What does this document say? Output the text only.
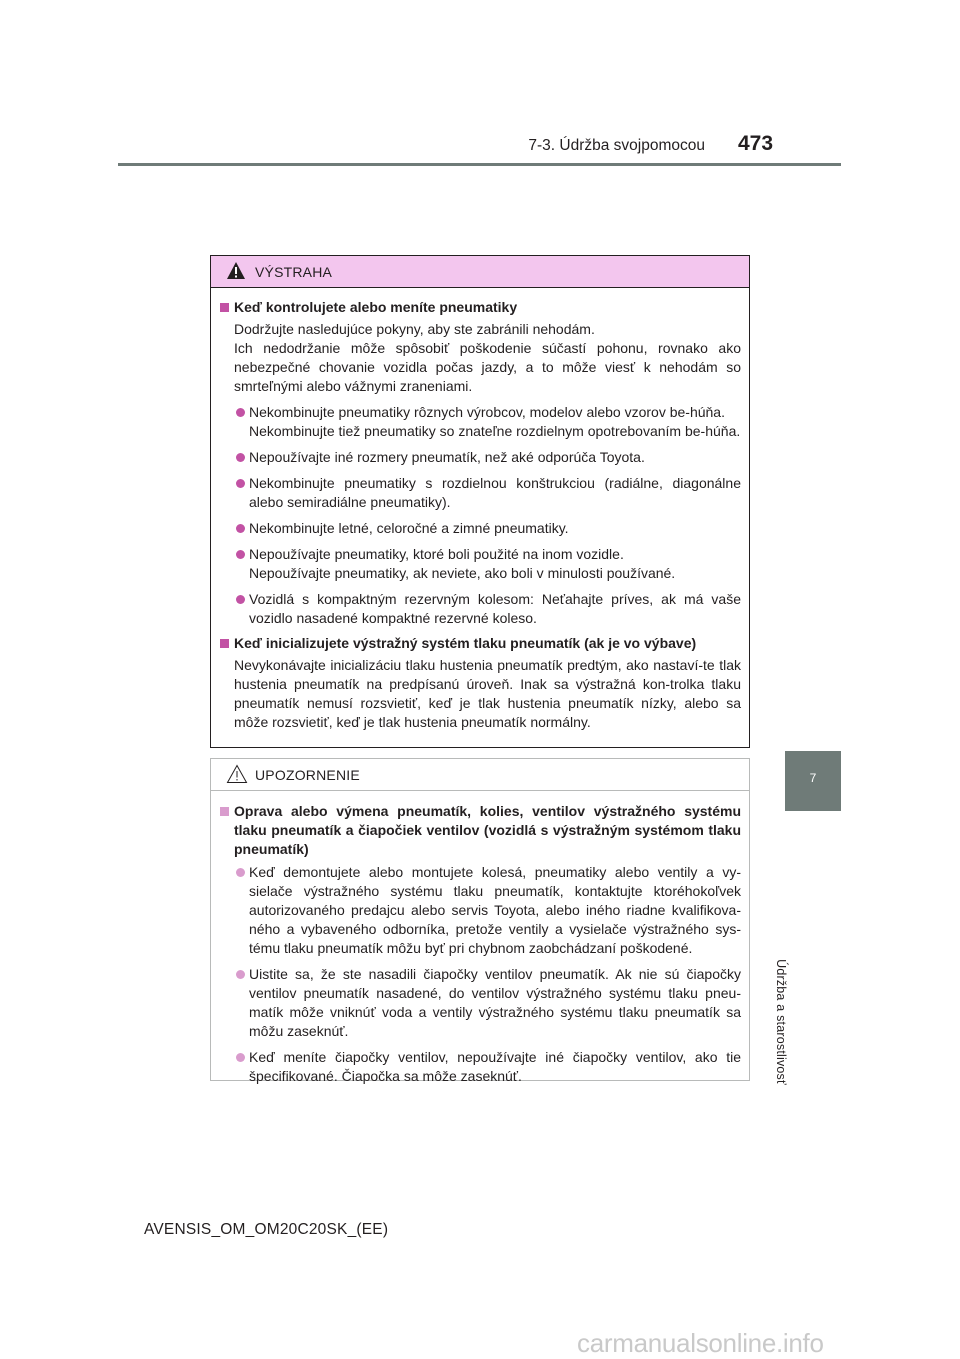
7-3. Údržba svojpomocou 473
7
Údržba a starostlivosť
VÝSTRAHA
Keď kontrolujete alebo meníte pneumatiky
Dodržujte nasledujúce pokyny, aby ste zabránili nehodám.
Ich nedodržanie môže spôsobiť poškodenie súčastí pohonu, rovnako ako nebezpečné chovanie vozidla počas jazdy, a to môže viesť k nehodám so smrteľnými alebo vážnymi zraneniami.
Nekombinujte pneumatiky rôznych výrobcov, modelov alebo vzorov be-húňa.
Nekombinujte tiež pneumatiky so znateľne rozdielnym opotrebovaním be-húňa.
Nepoužívajte iné rozmery pneumatík, než aké odporúča Toyota.
Nekombinujte pneumatiky s rozdielnou konštrukciou (radiálne, diagonálne alebo semiradiálne pneumatiky).
Nekombinujte letné, celoročné a zimné pneumatiky.
Nepoužívajte pneumatiky, ktoré boli použité na inom vozidle.
Nepoužívajte pneumatiky, ak neviete, ako boli v minulosti používané.
Vozidlá s kompaktným rezervným kolesom: Neťahajte príves, ak má vaše vozidlo nasadené kompaktné rezervné koleso.
Keď inicializujete výstražný systém tlaku pneumatík (ak je vo výbave)
Nevykonávajte inicializáciu tlaku hustenia pneumatík predtým, ako nastaví-te tlak hustenia pneumatík na predpísanú úroveň. Inak sa výstražná kon-trolka tlaku pneumatík nemusí rozsvietiť, keď je tlak hustenia pneumatík nízky, alebo sa môže rozsvietiť, keď je tlak hustenia pneumatík normálny.
UPOZORNENIE
Oprava alebo výmena pneumatík, kolies, ventilov výstražného systému tlaku pneumatík a čiapočiek ventilov (vozidlá s výstražným systémom tlaku pneumatík)
Keď demontujete alebo montujete kolesá, pneumatiky alebo ventily a vy-sielače výstražného systému tlaku pneumatík, kontaktujte ktoréhokoľvek autorizovaného predajcu alebo servis Toyota, alebo iného riadne kvalifikova-ného a vybaveného odborníka, pretože ventily a vysielače výstražného sys-tému tlaku pneumatík môžu byť pri chybnom zaobchádzaní poškodené.
Uistite sa, že ste nasadili čiapočky ventilov pneumatík. Ak nie sú čiapočky ventilov pneumatík nasadené, do ventilov výstražného systému tlaku pneu-matík môže vniknúť voda a ventily výstražného systému tlaku pneumatík sa môžu zaseknúť.
Keď meníte čiapočky ventilov, nepoužívajte iné čiapočky ventilov, ako tie špecifikované. Čiapočka sa môže zaseknúť.
AVENSIS_OM_OM20C20SK_(EE)
carmanualsonline.info
